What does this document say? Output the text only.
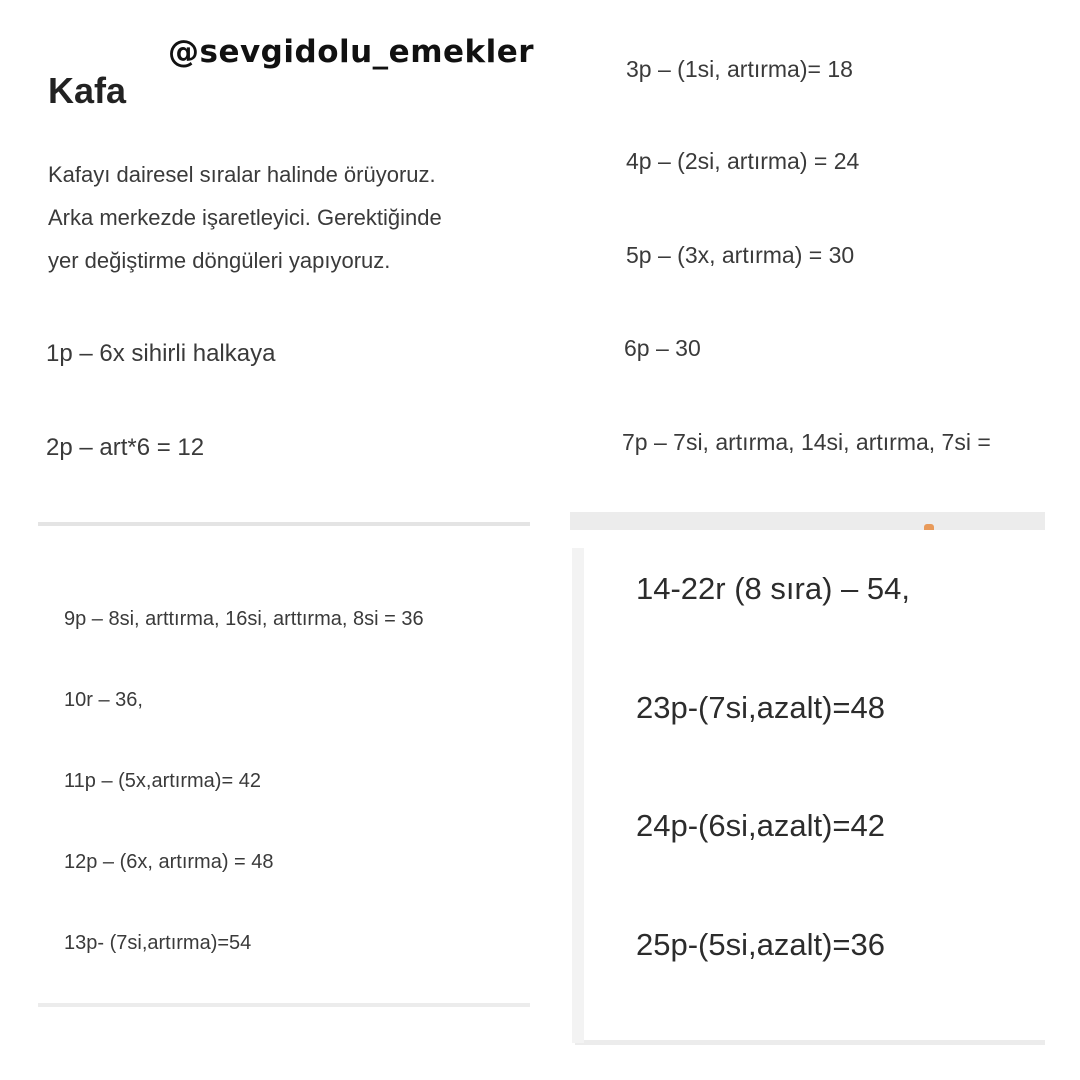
Kafa
@sevgidolu_emekler
Kafayı dairesel sıralar halinde örüyoruz.
Arka merkezde işaretleyici. Gerektiğinde
yer değiştirme döngüleri yapıyoruz.
1p – 6x sihirli halkaya
2p – art*6 = 12
3p – (1si, artırma)= 18
4p – (2si, artırma) = 24
5p – (3x, artırma) = 30
6p – 30
7p – 7si, artırma, 14si, artırma, 7si =
9p – 8si, arttırma, 16si, arttırma, 8si = 36
10r – 36,
11p – (5x,artırma)= 42
12p – (6x, artırma) = 48
13p- (7si,artırma)=54
14-22r (8 sıra) – 54,
23p-(7si,azalt)=48
24p-(6si,azalt)=42
25p-(5si,azalt)=36
